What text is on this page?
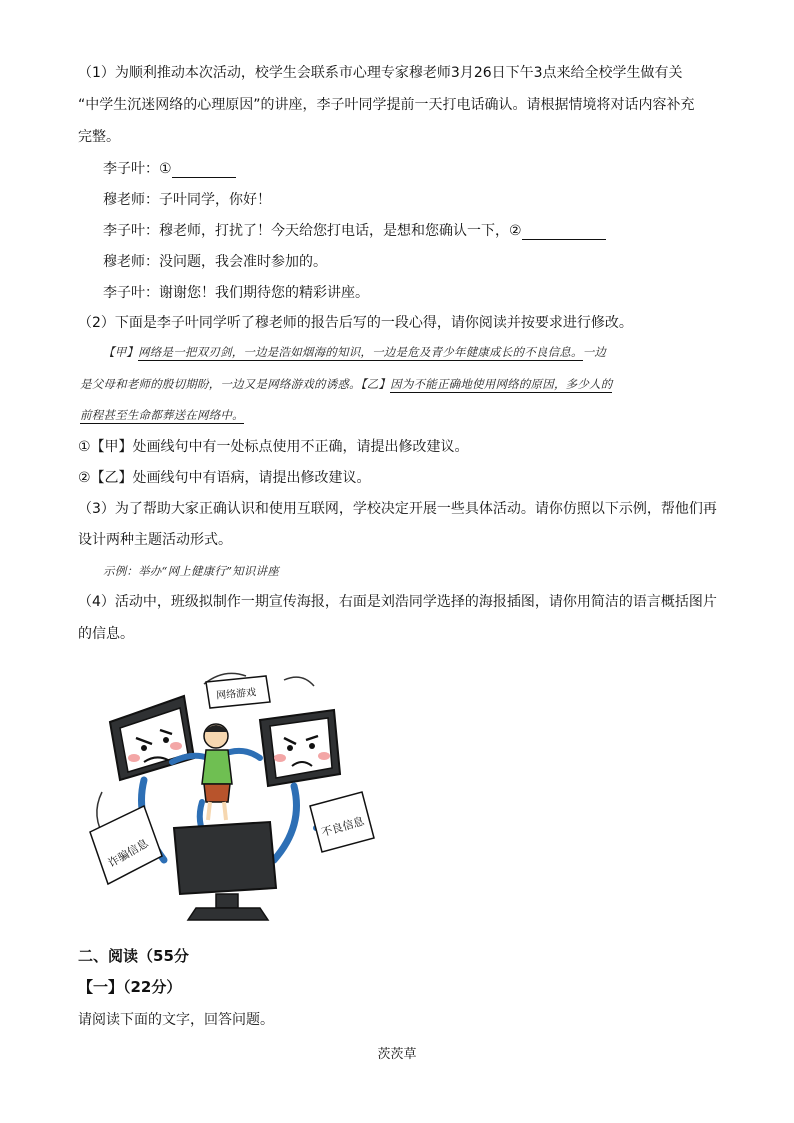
（1）为顺利推动本次活动，校学生会联系市心理专家穆老师3月26日下午3点来给全校学生做有关
“中学生沉迷网络的心理原因”的讲座，李子叶同学提前一天打电话确认。请根据情境将对话内容补充
完整。
李子叶：①
穆老师：子叶同学，你好！
李子叶：穆老师，打扰了！今天给您打电话，是想和您确认一下，②
穆老师：没问题，我会准时参加的。
李子叶：谢谢您！我们期待您的精彩讲座。
（2）下面是李子叶同学听了穆老师的报告后写的一段心得，请你阅读并按要求进行修改。
【甲】网络是一把双刃剑，一边是浩如烟海的知识，一边是危及青少年健康成长的不良信息。一边
是父母和老师的殷切期盼，一边又是网络游戏的诱惑。【乙】因为不能正确地使用网络的原因，多少人的
前程甚至生命都葬送在网络中。
①【甲】处画线句中有一处标点使用不正确，请提出修改建议。
②【乙】处画线句中有语病，请提出修改建议。
（3）为了帮助大家正确认识和使用互联网，学校决定开展一些具体活动。请你仿照以下示例，帮他们再
设计两种主题活动形式。
示例：举办“网上健康行”知识讲座
（4）活动中，班级拟制作一期宣传海报，右面是刘浩同学选择的海报插图，请你用简洁的语言概括图片
的信息。
网络游戏
诈骗信息
不良信息
二、阅读（55分
【一】（22分）
请阅读下面的文字，回答问题。
茨茨草
